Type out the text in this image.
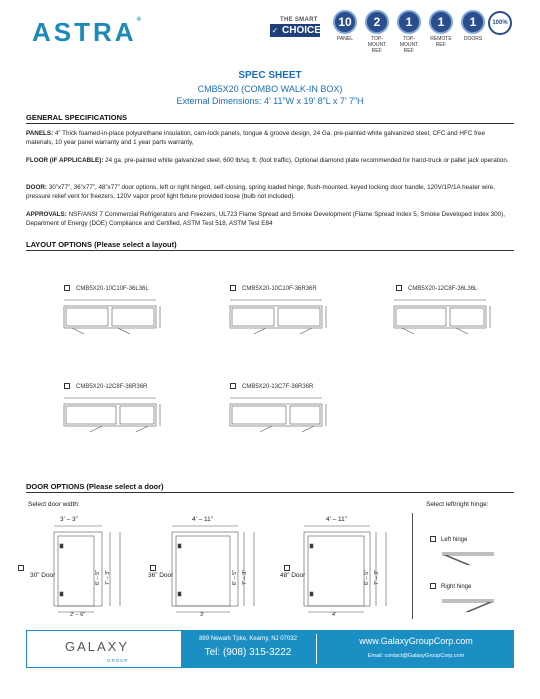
ASTRA®	THE SMART
CHOICE
✓
10
PANEL
2
TOP-MOUNT REF.
1
TOP-MOUNT REF.
1
REMOTE REF.
1
DOORS
100%
SPEC SHEET
CMB5X20 (COMBO WALK-IN BOX)
External Dimensions: 4’ 11”W x 19’ 8”L x 7’ 7”H
GENERAL SPECIFICATIONS
PANELS: 4” Thick foamed-in-place polyurethane insulation, cam-lock panels, tongue & groove design, 24 Ga. pre-painted white galvanized steel, CFC and HFC free materials, 10 year panel warranty and 1 year parts warranty,
FLOOR (IF APPLICABLE): 24 ga. pre-painted white galvanized steel, 600 lb/sq. ft. (foot traffic). Optional diamond plate recommended for hand-truck or pallet jack operation.
DOOR: 30”x77”, 36”x77”, 48”x77” door options, left or right hinged, self-closing, spring loaded hinge, flush-mounted, keyed locking door handle, 120V/1P/1A heater wire, pressure relief vent for freezers, 120V vapor proof light fixture provided loose (bulb not included).
APPROVALS: NSF/ANSI 7 Commercial Refrigerators and Freezers, UL723 Flame Spread and Smoke Development (Flame Spread Index 5, Smoke Developed Index 300), Department of Energy (DOE) Compliance and Certified, ASTM Test 518, ASTM Test E84
LAYOUT OPTIONS (Please select a layout)
CMB5X20-10C10F-36L36L	CMB5X20-10C10F-36R36R	CMB5X20-12C8F-36L36L
CMB5X20-12C8F-36R36R	CMB5X20-13C7F-36R36R
DOOR OPTIONS (Please select a door)
Select door width:	Select left/right hinge:
3’ – 3”
30” Door	6’ – 5” 7’ – 3”
2’ – 6”
4’ – 11”
36” Door	6’ – 5” 7’ – 3”
3’
4’ – 11”
48” Door	6’ – 5” 7’ – 3”
4’
Left hinge
Right hinge
GALAXY
GROUP
899 Newark Tpke, Kearny, NJ 07032
Tel: (908) 315-3222
www.GalaxyGroupCorp.com
Email: contact@GalaxyGroupCorp.com
